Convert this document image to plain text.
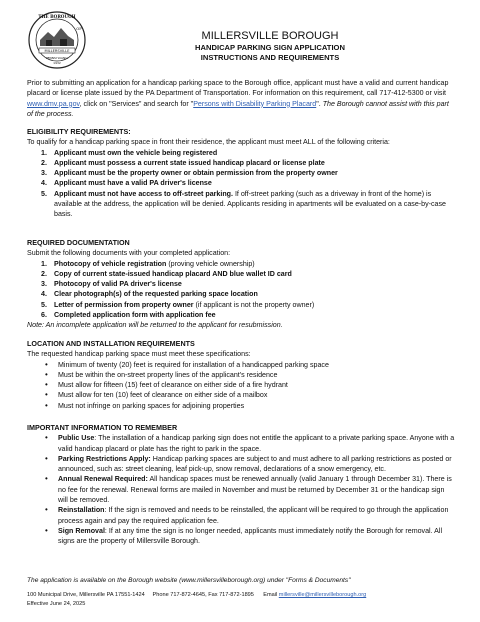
MILLERSVILLE
THE BOROUGH
OF
PENNSYLVANIA
1932
MILLERSVILLE BOROUGH
HANDICAP PARKING SIGN APPLICATION
INSTRUCTIONS AND REQUIREMENTS
Prior to submitting an application for a handicap parking space to the Borough office, applicant must have a valid and current handicap placard or license plate issued by the PA Department of Transportation. For information on this requirement, call 717-412-5300 or visit www.dmv.pa.gov, click on "Services" and search for "Persons with Disability Parking Placard". The Borough cannot assist with this part of the process.
ELIGIBILITY REQUIREMENTS:
To qualify for a handicap parking space in front their residence, the applicant must meet ALL of the following criteria:
1. Applicant must own the vehicle being registered
2. Applicant must possess a current state issued handicap placard or license plate
3. Applicant must be the property owner or obtain permission from the property owner
4. Applicant must have a valid PA driver's license
5. Applicant must not have access to off-street parking. If off-street parking (such as a driveway in front of the home) is available at the address, the application will be denied. Applicants residing in apartments will be evaluated on a case-by-case basis.
REQUIRED DOCUMENTATION
Submit the following documents with your completed application:
1. Photocopy of vehicle registration (proving vehicle ownership)
2. Copy of current state-issued handicap placard AND blue wallet ID card
3. Photocopy of valid PA driver's license
4. Clear photograph(s) of the requested parking space location
5. Letter of permission from property owner (if applicant is not the property owner)
6. Completed application form with application fee
Note: An incomplete application will be returned to the applicant for resubmission.
LOCATION AND INSTALLATION REQUIREMENTS
The requested handicap parking space must meet these specifications:
• Minimum of twenty (20) feet is required for installation of a handicapped parking space
• Must be within the on-street property lines of the applicant's residence
• Must allow for fifteen (15) feet of clearance on either side of a fire hydrant
• Must allow for ten (10) feet of clearance on either side of a mailbox
• Must not infringe on parking spaces for adjoining properties
IMPORTANT INFORMATION TO REMEMBER
• Public Use: The installation of a handicap parking sign does not entitle the applicant to a private parking space. Anyone with a valid handicap placard or plate has the right to park in the space.
• Parking Restrictions Apply: Handicap parking spaces are subject to and must adhere to all parking restrictions as posted or announced, such as: street cleaning, leaf pick-up, snow removal, declarations of a snow emergency, etc.
• Annual Renewal Required: All handicap spaces must be renewed annually (valid January 1 through December 31). There is no fee for the renewal. Renewal forms are mailed in November and must be returned by December 31 or the handicap sign will be removed.
• Reinstallation: If the sign is removed and needs to be reinstalled, the applicant will be required to go through the application process again and pay the required application fee.
• Sign Removal: If at any time the sign is no longer needed, applicants must immediately notify the Borough for removal. All signs are the property of Millersville Borough.
The application is available on the Borough website (www.millersvilleborough.org) under "Forms & Documents"
100 Municipal Drive, Millersville PA 17551-1424 Phone 717-872-4645, Fax 717-872-1895 Email millersville@millersvilleborough.org
Effective June 24, 2025
